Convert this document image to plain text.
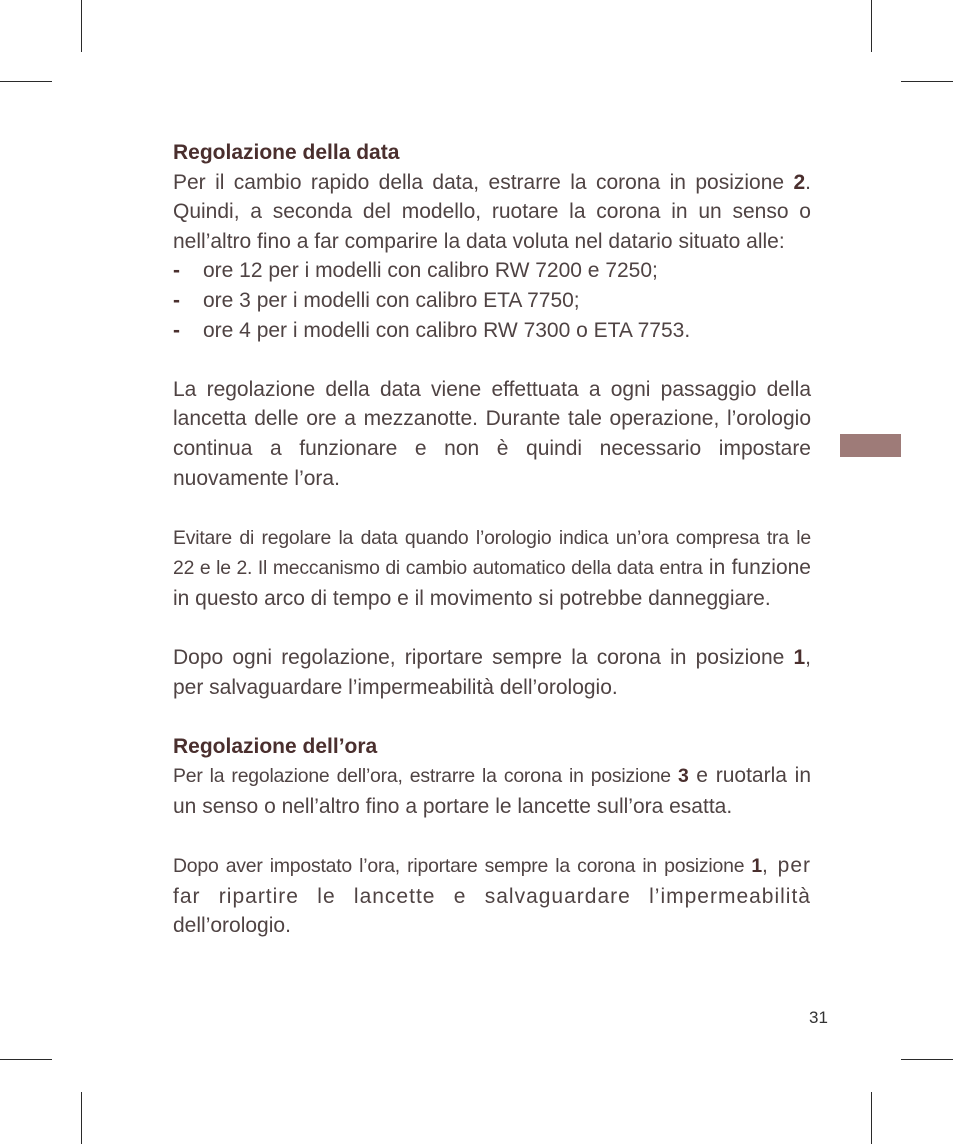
Regolazione della data

Per il cambio rapido della data, estrarre la corona in posizione 2. Quindi, a seconda del modello, ruotare la corona in un senso o nell’altro fino a far comparire la data voluta nel datario situato alle:

- ore 12 per i modelli con calibro RW 7200 e 7250;
- ore 3 per i modelli con calibro ETA 7750;
- ore 4 per i modelli con calibro RW 7300 o ETA 7753.

La regolazione della data viene effettuata a ogni passaggio della lancetta delle ore a mezzanotte. Durante tale operazione, l’orologio continua a funzionare e non è quindi necessario impostare nuovamente l’ora.

Evitare di regolare la data quando l’orologio indica un’ora compresa tra le 22 e le 2. Il meccanismo di cambio automatico della data entra in funzione in questo arco di tempo e il movimento si potrebbe danneggiare.

Dopo ogni regolazione, riportare sempre la corona in posizione 1, per salvaguardare l’impermeabilità dell’orologio.

Regolazione dell’ora

Per la regolazione dell’ora, estrarre la corona in posizione 3 e ruotarla in un senso o nell’altro fino a portare le lancette sull’ora esatta.

Dopo aver impostato l’ora, riportare sempre la corona in posizione 1, per far ripartire le lancette e salvaguardare l’impermeabilità dell’orologio.

31
